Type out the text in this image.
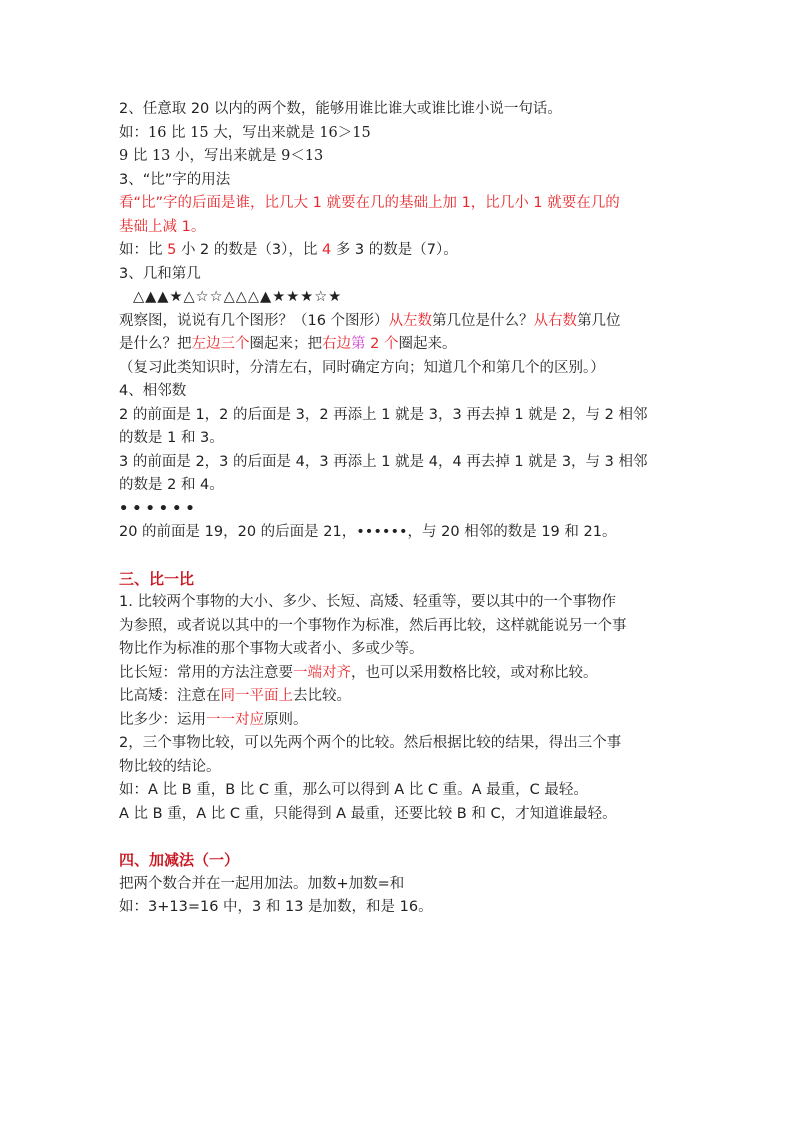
2、任意取 20 以内的两个数，能够用谁比谁大或谁比谁小说一句话。
如：16 比 15 大，写出来就是 16＞15
9 比 13 小，写出来就是 9＜13
3、“比”字的用法
看“比”字的后面是谁，比几大 1 就要在几的基础上加 1，比几小 1 就要在几的
基础上减 1。
如：比 5 小 2 的数是（3），比 4 多 3 的数是（7）。
3、几和第几
△▲▲★△☆☆△△△▲★★★☆★
观察图，说说有几个图形？（16 个图形）从左数第几位是什么？从右数第几位
是什么？把左边三个圈起来；把右边第 2 个圈起来。
（复习此类知识时，分清左右，同时确定方向；知道几个和第几个的区别。）
4、相邻数
2 的前面是 1，2 的后面是 3，2 再添上 1 就是 3，3 再去掉 1 就是 2，与 2 相邻
的数是 1 和 3。
3 的前面是 2，3 的后面是 4，3 再添上 1 就是 4，4 再去掉 1 就是 3，与 3 相邻
的数是 2 和 4。
••••••
20 的前面是 19，20 的后面是 21，••••••，与 20 相邻的数是 19 和 21。
三、比一比
1. 比较两个事物的大小、多少、长短、高矮、轻重等，要以其中的一个事物作
为参照，或者说以其中的一个事物作为标准，然后再比较，这样就能说另一个事
物比作为标准的那个事物大或者小、多或少等。
比长短：常用的方法注意要一端对齐，也可以采用数格比较，或对称比较。
比高矮：注意在同一平面上去比较。
比多少：运用一一对应原则。
2，三个事物比较，可以先两个两个的比较。然后根据比较的结果，得出三个事
物比较的结论。
如：A 比 B 重，B 比 C 重，那么可以得到 A 比 C 重。A 最重，C 最轻。
A 比 B 重，A 比 C 重，只能得到 A 最重，还要比较 B 和 C，才知道谁最轻。
四、加减法（一）
把两个数合并在一起用加法。加数+加数=和
如：3+13=16 中，3 和 13 是加数，和是 16。
